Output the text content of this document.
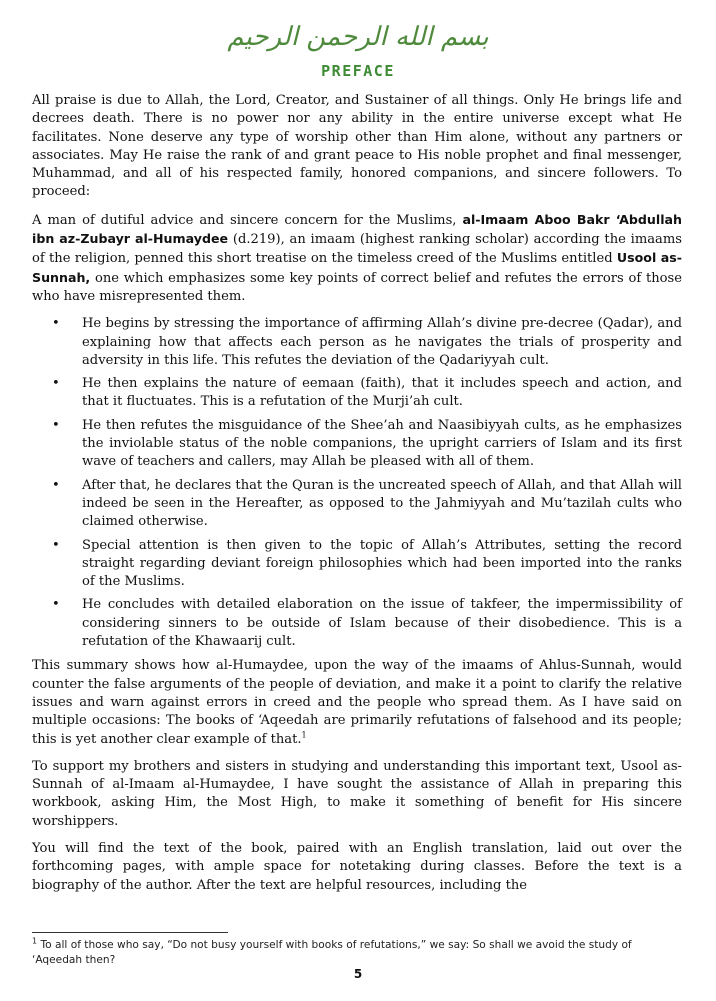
بسم الله الرحمن الرحيم
PREFACE

All praise is due to Allah, the Lord, Creator, and Sustainer of all things. Only He brings life and decrees death. There is no power nor any ability in the entire universe except what He facilitates. None deserve any type of worship other than Him alone, without any partners or associates. May He raise the rank of and grant peace to His noble prophet and final messenger, Muhammad, and all of his respected family, honored companions, and sincere followers. To proceed:

A man of dutiful advice and sincere concern for the Muslims, al-Imaam Aboo Bakr ‘Abdullah ibn az-Zubayr al-Humaydee (d.219), an imaam (highest ranking scholar) according the imaams of the religion, penned this short treatise on the timeless creed of the Muslims entitled Usool as-Sunnah, one which emphasizes some key points of correct belief and refutes the errors of those who have misrepresented them.

• He begins by stressing the importance of affirming Allah’s divine pre-decree (Qadar), and explaining how that affects each person as he navigates the trials of prosperity and adversity in this life. This refutes the deviation of the Qadariyyah cult.
• He then explains the nature of eemaan (faith), that it includes speech and action, and that it fluctuates. This is a refutation of the Murji’ah cult.
• He then refutes the misguidance of the Shee’ah and Naasibiyyah cults, as he emphasizes the inviolable status of the noble companions, the upright carriers of Islam and its first wave of teachers and callers, may Allah be pleased with all of them.
• After that, he declares that the Quran is the uncreated speech of Allah, and that Allah will indeed be seen in the Hereafter, as opposed to the Jahmiyyah and Mu’tazilah cults who claimed otherwise.
• Special attention is then given to the topic of Allah’s Attributes, setting the record straight regarding deviant foreign philosophies which had been imported into the ranks of the Muslims.
• He concludes with detailed elaboration on the issue of takfeer, the impermissibility of considering sinners to be outside of Islam because of their disobedience. This is a refutation of the Khawaarij cult.

This summary shows how al-Humaydee, upon the way of the imaams of Ahlus-Sunnah, would counter the false arguments of the people of deviation, and make it a point to clarify the relative issues and warn against errors in creed and the people who spread them. As I have said on multiple occasions: The books of ‘Aqeedah are primarily refutations of falsehood and its people; this is yet another clear example of that.$^1$

To support my brothers and sisters in studying and understanding this important text, Usool as-Sunnah of al-Imaam al-Humaydee, I have sought the assistance of Allah in preparing this workbook, asking Him, the Most High, to make it something of benefit for His sincere worshippers.

You will find the text of the book, paired with an English translation, laid out over the forthcoming pages, with ample space for notetaking during classes. Before the text is a biography of the author. After the text are helpful resources, including the

$^1$ To all of those who say, “Do not busy yourself with books of refutations,” we say: So shall we avoid the study of ‘Aqeedah then?
5
